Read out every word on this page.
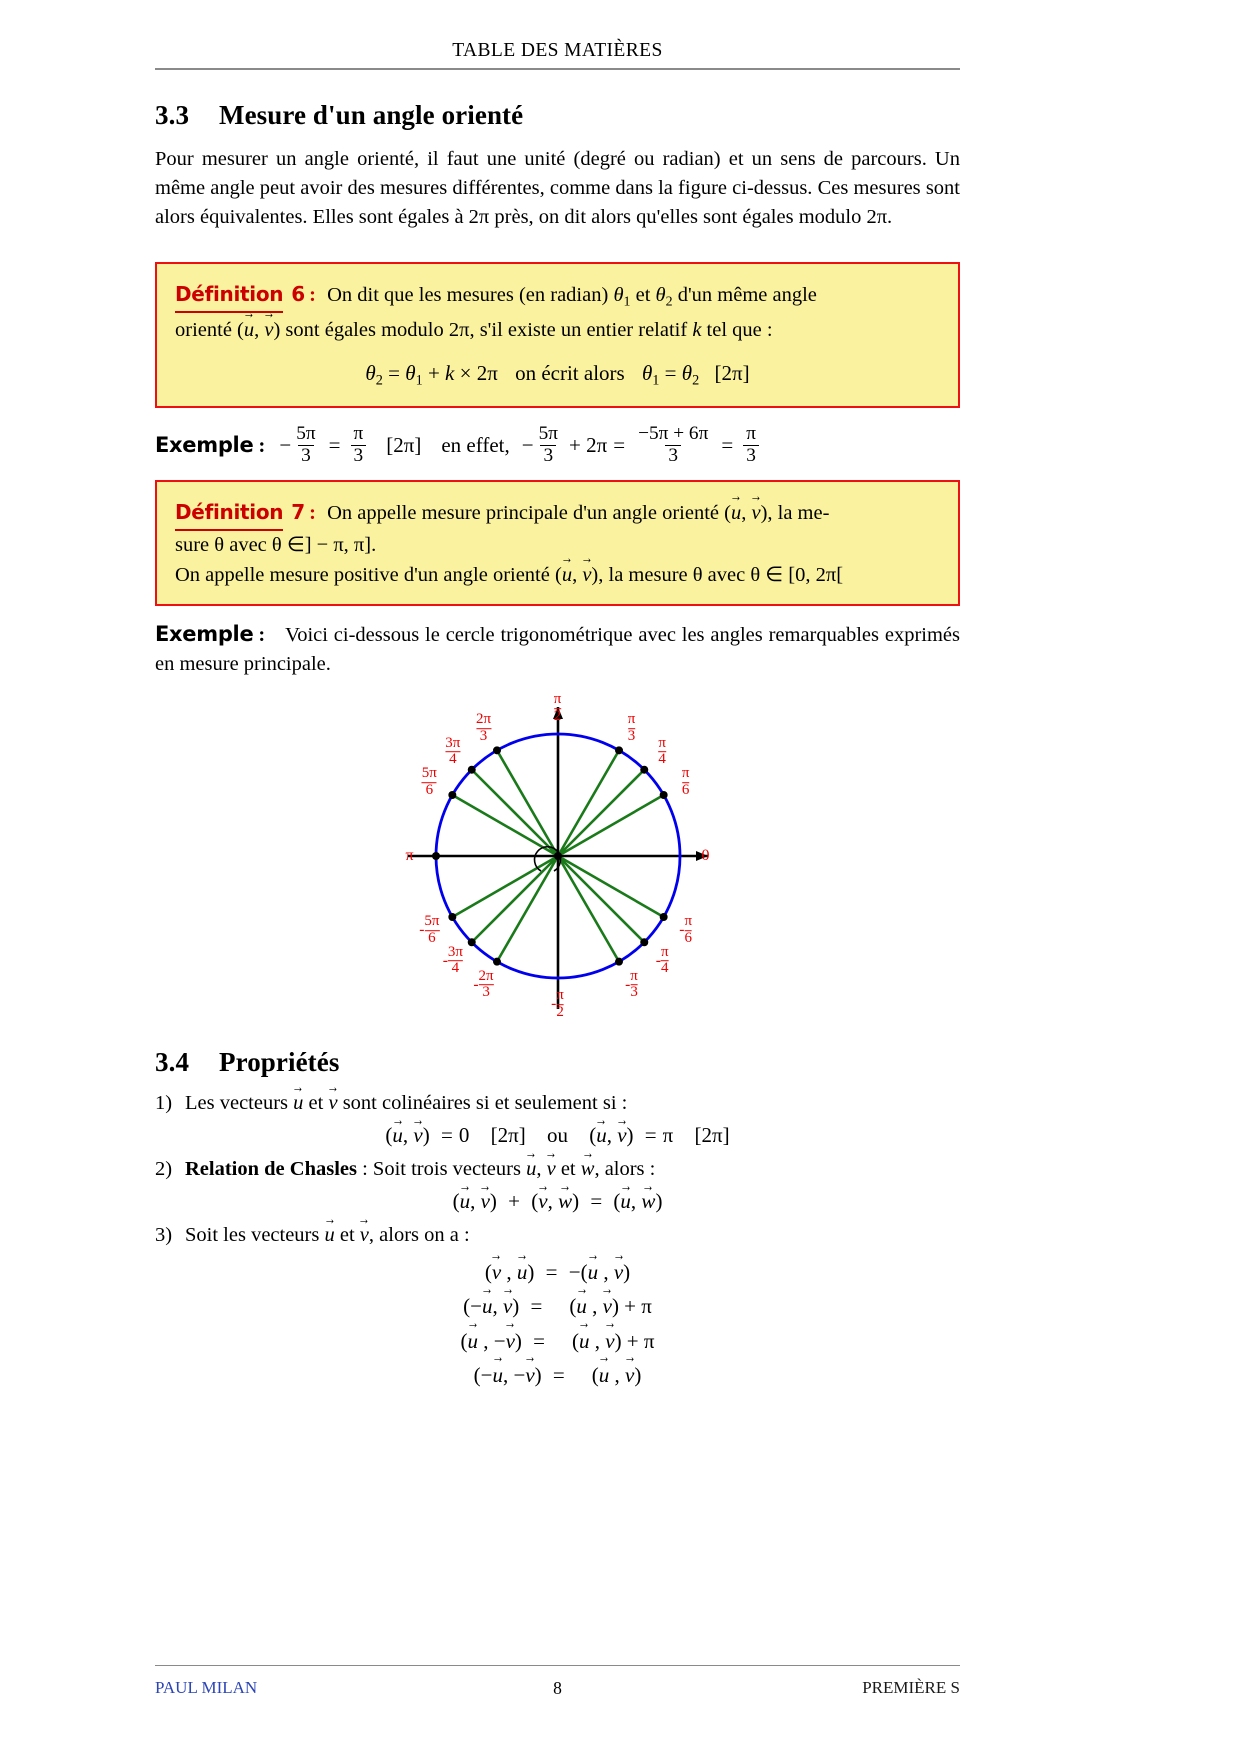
TABLE DES MATIÈRES
3.3 Mesure d'un angle orienté

Pour mesurer un angle orienté, il faut une unité (degré ou radian) et un sens de parcours. Un même angle peut avoir des mesures différentes, comme dans la figure ci-dessus. Ces mesures sont alors équivalentes. Elles sont égales à 2π près, on dit alors qu'elles sont égales modulo 2π.

Définition 6 : On dit que les mesures (en radian) $\theta_1$ et $\theta_2$ d'un même angle

orienté (u →, v →) sont égales modulo 2π, s'il existe un entier relatif k tel que :

$\theta_2 = \theta_1 + k \times 2\pi$ on écrit alors $\theta_1 = \theta_2$ [2π]

Exemple : − $\frac{5\pi}{3} = \frac{\pi}{3} [2\pi]$ en effet, − $\frac{5\pi}{3} + 2\pi = \frac{-5\pi + 6\pi}{3} = \frac{\pi}{3}$

Définition 7 : On appelle mesure principale d'un angle orienté (u →, v →), la me-

sure θ avec θ ∈] − π, π].

On appelle mesure positive d'un angle orienté (u →, v →), la mesure θ avec θ ∈ [0, 2π[

Exemple : Voici ci-dessous le cercle trigonométrique avec les angles remarquables exprimés en mesure principale.

0
$\frac{\pi}{6}$
$\frac{\pi}{4}$
$\frac{\pi}{3}$
$\frac{\pi}{2}$
$\frac{2\pi}{3}$
$\frac{3\pi}{4}$
$\frac{5\pi}{6}$
π
- $\frac{5\pi}{6}$
- $\frac{3\pi}{4}$
- $\frac{2\pi}{3}$
- $\frac{\pi}{2}$
- $\frac{\pi}{3}$
- $\frac{\pi}{4}$
- $\frac{\pi}{6}$
3.4 Propriétés

1) Les vecteurs u → et v → sont colinéaires si et seulement si :

(u →, v →) = 0 [2π] ou (u →, v →) = π [2π]

2) Relation de Chasles : Soit trois vecteurs u →, v → et w →, alors :

(u →, v →) + (v →, w →) = (u →, w →)

3) Soit les vecteurs u → et v →, alors on a :

(v → , u →) = −(u → , v →)
(−u →, v →) =    (u → , v →) + π
(u → , −v →) =    (u → , v →) + π
(−u →, −v →) =    (u → , v →)
8
PAUL MILAN	PREMIÈRE S
